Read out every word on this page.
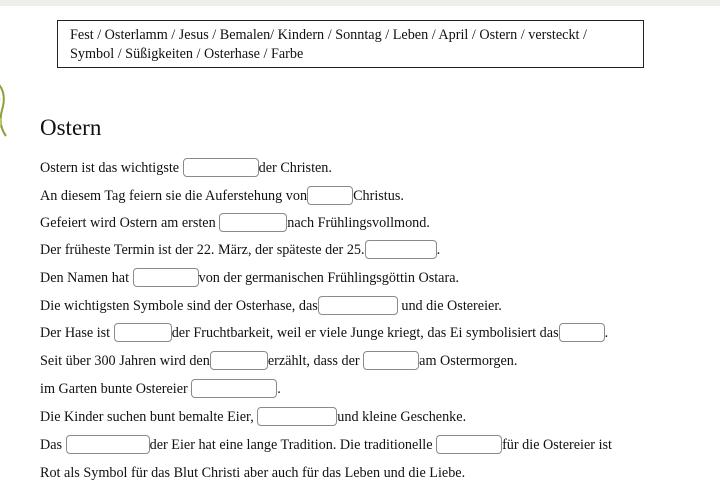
Fest / Osterlamm / Jesus / Bemalen/ Kindern / Sonntag / Leben / April / Ostern / versteckt / Symbol / Süßigkeiten / Osterhase / Farbe
Ostern
Ostern ist das wichtigste	der Christen.
An diesem Tag feiern sie die Auferstehung von	Christus.
Gefeiert wird Ostern am ersten	nach Frühlingsvollmond.
Der früheste Termin ist der 22. März, der späteste der 25.	.
Den Namen hat	von der germanischen Frühlingsgöttin Ostara.
Die wichtigsten Symbole sind der Osterhase, das	und die Ostereier.
Der Hase ist	der Fruchtbarkeit, weil er viele Junge kriegt, das Ei symbolisiert das	.
Seit über 300 Jahren wird den	erzählt, dass der	am Ostermorgen.
im Garten bunte Ostereier	.
Die Kinder suchen bunt bemalte Eier,	und kleine Geschenke.
Das	der Eier hat eine lange Tradition. Die traditionelle	für die Ostereier ist
Rot als Symbol für das Blut Christi aber auch für das Leben und die Liebe.
